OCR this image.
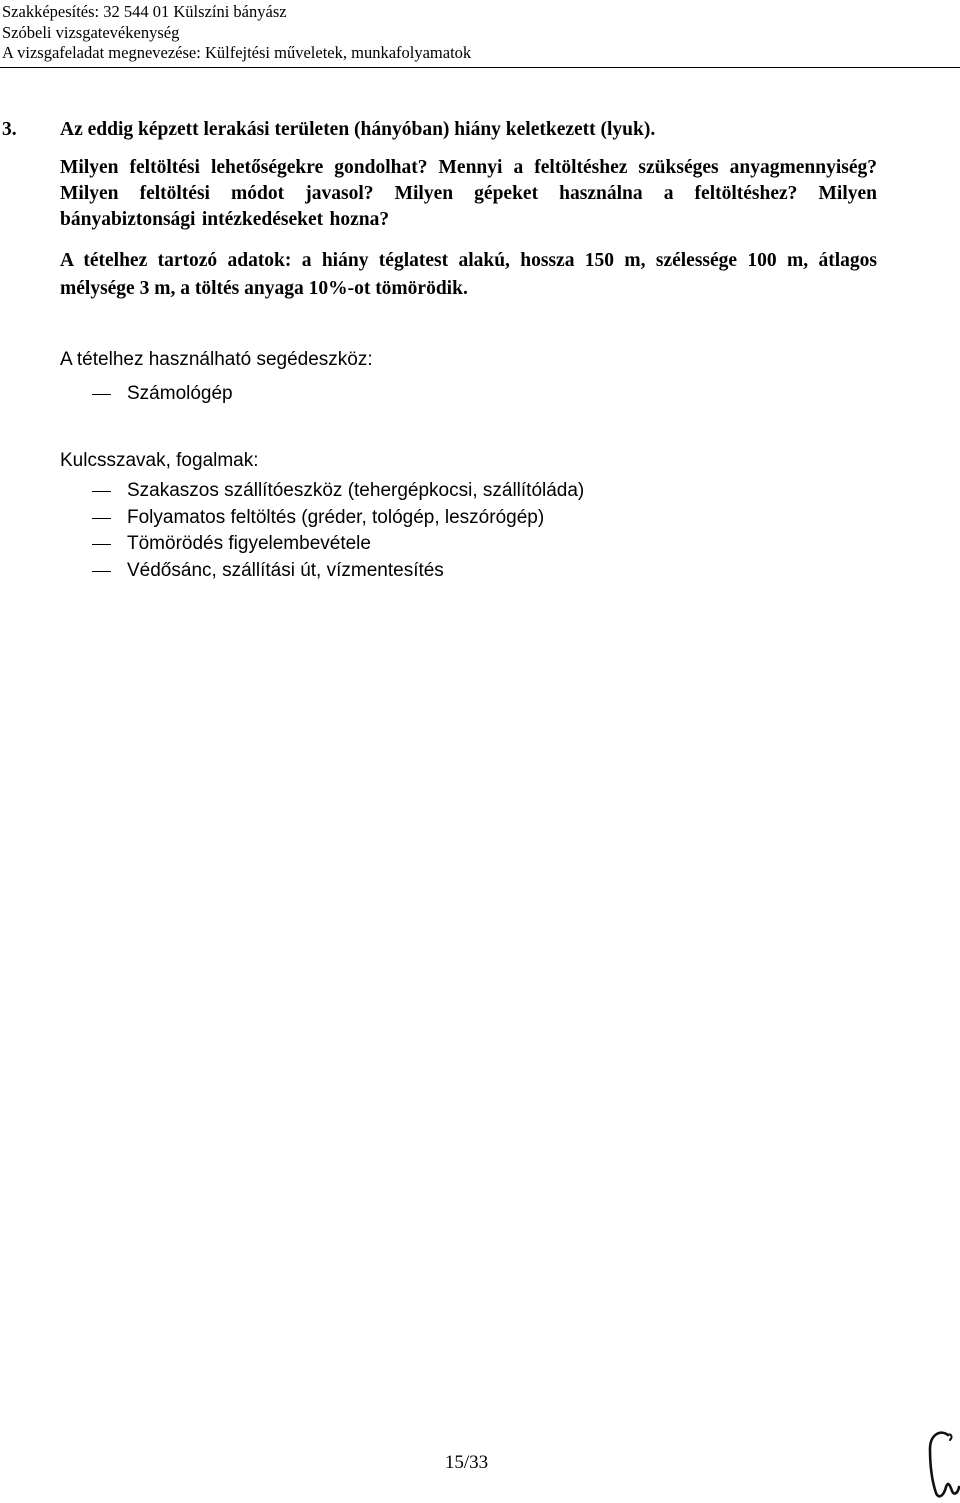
Szakképesítés: 32 544 01 Külszíni bányász
Szóbeli vizsgatevékenység
A vizsgafeladat megnevezése: Külfejtési műveletek, munkafolyamatok
3. Az eddig képzett lerakási területen (hányóban) hiány keletkezett (lyuk).
Milyen feltöltési lehetőségekre gondolhat? Mennyi a feltöltéshez szükséges anyagmennyiség? Milyen feltöltési módot javasol? Milyen gépeket használna a feltöltéshez? Milyen bányabiztonsági intézkedéseket hozna?
A tételhez tartozó adatok: a hiány téglatest alakú, hossza 150 m, szélessége 100 m, átlagos mélysége 3 m, a töltés anyaga 10%-ot tömörödik.
A tételhez használható segédeszköz:
Számológép
Kulcsszavak, fogalmak:
Szakaszos szállítóeszköz (tehergépkocsi, szállítóláda)
Folyamatos feltöltés (gréder, tológép, leszórógép)
Tömörödés figyelembevétele
Védősánc, szállítási út, vízmentesítés
15/33
